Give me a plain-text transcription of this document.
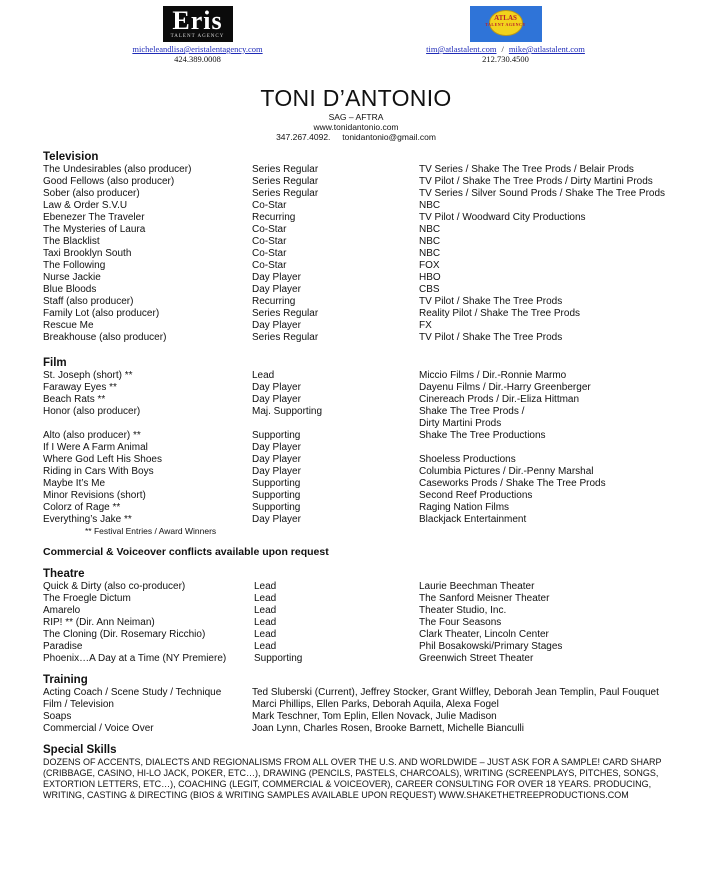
Eris
TALENT AGENCY
micheleandlisa@eristalentagency.com
424.389.0008
ATLAS
TALENT AGENCY
tim@atlastalent.com / mike@atlastalent.com
212.730.4500
TONI D’ANTONIO
SAG – AFTRA
www.tonidantonio.com
347.267.4092.     tonidantonio@gmail.com
Television
The Undesirables (also producer)	Series Regular	TV Series / Shake The Tree Prods / Belair Prods
Good Fellows (also producer)	Series Regular	TV Pilot / Shake The Tree Prods / Dirty Martini Prods
Sober (also producer)	Series Regular	TV Series / Silver Sound Prods / Shake The Tree Prods
Law & Order S.V.U	Co-Star	NBC
Ebenezer The Traveler	Recurring	TV Pilot / Woodward City Productions
The Mysteries of Laura	Co-Star	NBC
The Blacklist	Co-Star	NBC
Taxi Brooklyn South	Co-Star	NBC
The Following	Co-Star	FOX
Nurse Jackie	Day Player	HBO
Blue Bloods	Day Player	CBS
Staff (also producer)	Recurring	TV Pilot / Shake The Tree Prods
Family Lot (also producer)	Series Regular	Reality Pilot / Shake The Tree Prods
Rescue Me	Day Player	FX
Breakhouse (also producer)	Series Regular	TV Pilot / Shake The Tree Prods
Film
St. Joseph (short) **	Lead	Miccio Films / Dir.-Ronnie Marmo
Faraway Eyes **	Day Player	Dayenu Films / Dir.-Harry Greenberger
Beach Rats **	Day Player	Cinereach Prods / Dir.-Eliza Hittman
Honor (also producer)	Maj. Supporting	Shake The Tree Prods /
Dirty Martini Prods
Alto (also producer) **	Supporting	Shake The Tree Productions
If I Were A Farm Animal	Day Player
Where God Left His Shoes	Day Player	Shoeless Productions
Riding in Cars With Boys	Day Player	Columbia Pictures / Dir.-Penny Marshal
Maybe It’s Me	Supporting	Caseworks Prods / Shake The Tree Prods
Minor Revisions (short)	Supporting	Second Reef Productions
Colorz of Rage **	Supporting	Raging Nation Films
Everything’s Jake **	Day Player	Blackjack Entertainment
** Festival Entries / Award Winners
Commercial & Voiceover conflicts available upon request
Theatre
Quick & Dirty (also co-producer)	Lead	Laurie Beechman Theater
The Froegle Dictum	Lead	The Sanford Meisner Theater
Amarelo	Lead	Theater Studio, Inc.
RIP! ** (Dir. Ann Neiman)	Lead	The Four Seasons
The Cloning (Dir. Rosemary Ricchio)	Lead	Clark Theater, Lincoln Center
Paradise	Lead	Phil Bosakowski/Primary Stages
Phoenix…A Day at a Time (NY Premiere)	Supporting	Greenwich Street Theater
Training
Acting Coach / Scene Study / Technique	Ted Sluberski (Current), Jeffrey Stocker, Grant Wilfley, Deborah Jean Templin, Paul Fouquet
Film / Television	Marci Phillips, Ellen Parks, Deborah Aquila, Alexa Fogel
Soaps	Mark Teschner, Tom Eplin, Ellen Novack, Julie Madison
Commercial / Voice Over	Joan Lynn, Charles Rosen, Brooke Barnett, Michelle Bianculli
Special Skills
DOZENS OF ACCENTS, DIALECTS AND REGIONALISMS FROM ALL OVER THE U.S. AND WORLDWIDE – JUST ASK FOR A SAMPLE! CARD SHARP
(CRIBBAGE, CASINO, HI-LO JACK, POKER, ETC…), DRAWING (PENCILS, PASTELS, CHARCOALS), WRITING (SCREENPLAYS, PITCHES, SONGS,
EXTORTION LETTERS, ETC…), COACHING (LEGIT, COMMERCIAL & VOICEOVER), CAREER CONSULTING FOR OVER 18 YEARS. PRODUCING,
WRITING, CASTING & DIRECTING (BIOS & WRITING SAMPLES AVAILABLE UPON REQUEST) WWW.SHAKETHETREEPRODUCTIONS.COM
